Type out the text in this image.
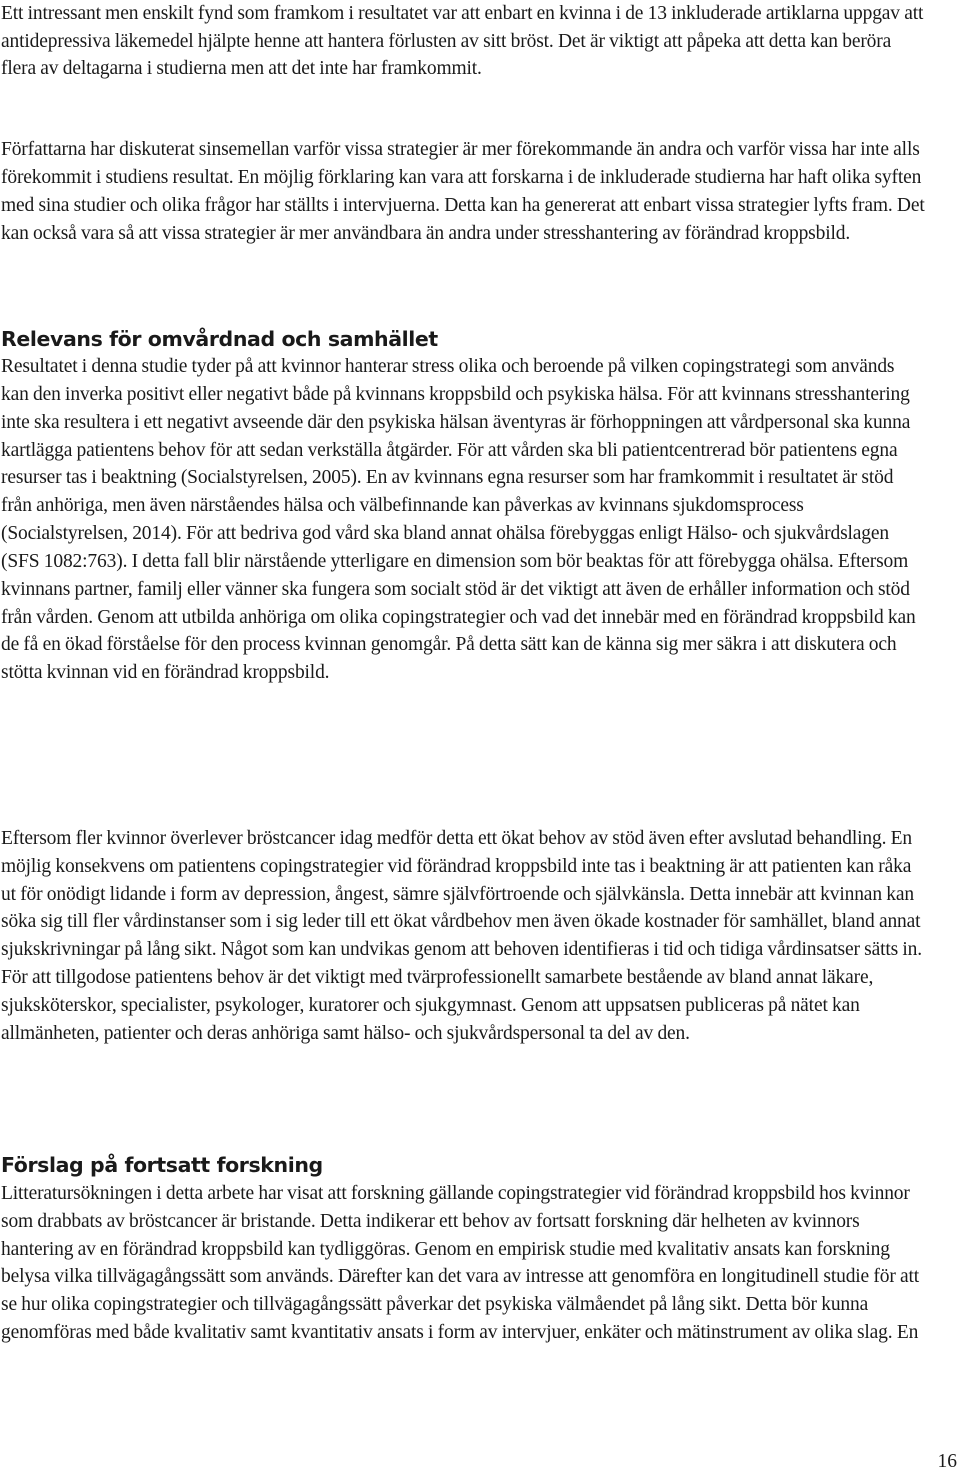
Ett intressant men enskilt fynd som framkom i resultatet var att enbart en kvinna i de 13 inkluderade artiklarna uppgav att antidepressiva läkemedel hjälpte henne att hantera förlusten av sitt bröst. Det är viktigt att påpeka att detta kan beröra flera av deltagarna i studierna men att det inte har framkommit.

Författarna har diskuterat sinsemellan varför vissa strategier är mer förekommande än andra och varför vissa har inte alls förekommit i studiens resultat. En möjlig förklaring kan vara att forskarna i de inkluderade studierna har haft olika syften med sina studier och olika frågor har ställts i intervjuerna. Detta kan ha genererat att enbart vissa strategier lyfts fram. Det kan också vara så att vissa strategier är mer användbara än andra under stresshantering av förändrad kroppsbild.

Relevans för omvårdnad och samhället

Resultatet i denna studie tyder på att kvinnor hanterar stress olika och beroende på vilken copingstrategi som används kan den inverka positivt eller negativt både på kvinnans kroppsbild och psykiska hälsa. För att kvinnans stresshantering inte ska resultera i ett negativt avseende där den psykiska hälsan äventyras är förhoppningen att vårdpersonal ska kunna kartlägga patientens behov för att sedan verkställa åtgärder. För att vården ska bli patientcentrerad bör patientens egna resurser tas i beaktning (Socialstyrelsen, 2005). En av kvinnans egna resurser som har framkommit i resultatet är stöd från anhöriga, men även närståendes hälsa och välbefinnande kan påverkas av kvinnans sjukdomsprocess (Socialstyrelsen, 2014). För att bedriva god vård ska bland annat ohälsa förebyggas enligt Hälso- och sjukvårdslagen (SFS 1082:763). I detta fall blir närstående ytterligare en dimension som bör beaktas för att förebygga ohälsa. Eftersom kvinnans partner, familj eller vänner ska fungera som socialt stöd är det viktigt att även de erhåller information och stöd från vården. Genom att utbilda anhöriga om olika copingstrategier och vad det innebär med en förändrad kroppsbild kan de få en ökad förståelse för den process kvinnan genomgår. På detta sätt kan de känna sig mer säkra i att diskutera och stötta kvinnan vid en förändrad kroppsbild.

Eftersom fler kvinnor överlever bröstcancer idag medför detta ett ökat behov av stöd även efter avslutad behandling. En möjlig konsekvens om patientens copingstrategier vid förändrad kroppsbild inte tas i beaktning är att patienten kan råka ut för onödigt lidande i form av depression, ångest, sämre självförtroende och självkänsla. Detta innebär att kvinnan kan söka sig till fler vårdinstanser som i sig leder till ett ökat vårdbehov men även ökade kostnader för samhället, bland annat sjukskrivningar på lång sikt. Något som kan undvikas genom att behoven identifieras i tid och tidiga vårdinsatser sätts in. För att tillgodose patientens behov är det viktigt med tvärprofessionellt samarbete bestående av bland annat läkare, sjuksköterskor, specialister, psykologer, kuratorer och sjukgymnast. Genom att uppsatsen publiceras på nätet kan allmänheten, patienter och deras anhöriga samt hälso- och sjukvårdspersonal ta del av den.

Förslag på fortsatt forskning

Litteratursökningen i detta arbete har visat att forskning gällande copingstrategier vid förändrad kroppsbild hos kvinnor som drabbats av bröstcancer är bristande. Detta indikerar ett behov av fortsatt forskning där helheten av kvinnors hantering av en förändrad kroppsbild kan tydliggöras. Genom en empirisk studie med kvalitativ ansats kan forskning belysa vilka tillvägagångssätt som används. Därefter kan det vara av intresse att genomföra en longitudinell studie för att se hur olika copingstrategier och tillvägagångssätt påverkar det psykiska välmåendet på lång sikt. Detta bör kunna genomföras med både kvalitativ samt kvantitativ ansats i form av intervjuer, enkäter och mätinstrument av olika slag. En

16
